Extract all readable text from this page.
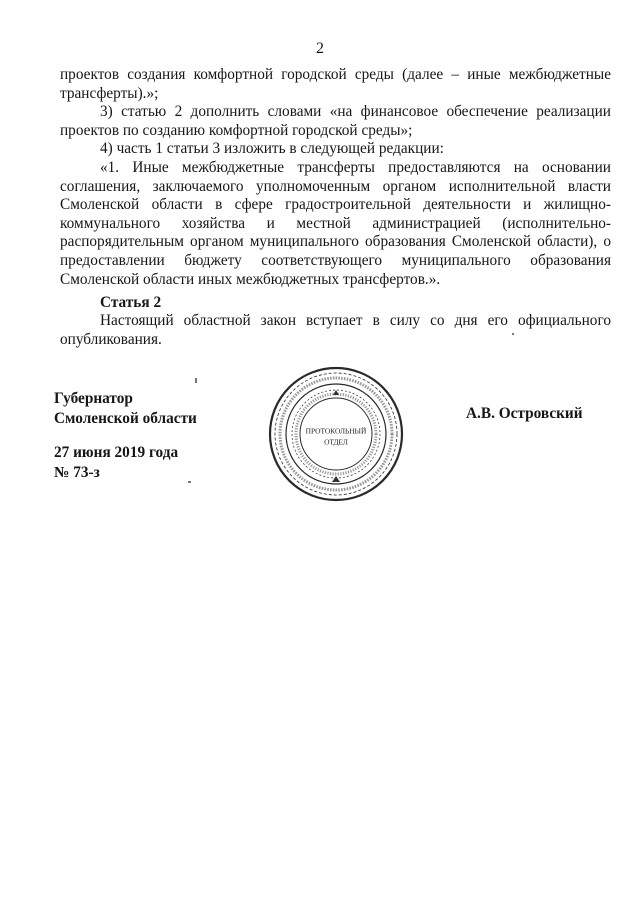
2

проектов создания комфортной городской среды (далее – иные межбюджетные трансферты).»;

3) статью 2 дополнить словами «на финансовое обеспечение реализации проектов по созданию комфортной городской среды»;

4) часть 1 статьи 3 изложить в следующей редакции:

«1. Иные межбюджетные трансферты предоставляются на основании соглашения, заключаемого уполномоченным органом исполнительной власти Смоленской области в сфере градостроительной деятельности и жилищно-коммунального хозяйства и местной администрацией (исполнительно-распорядительным органом муниципального образования Смоленской области), о предоставлении бюджету соответствующего муниципального образования Смоленской области иных межбюджетных трансфертов.».

Статья 2

Настоящий областной закон вступает в силу со дня его официального опубликования.

Губернатор
Смоленской области
27 июня 2019 года
№ 73-з
А.В. Островский
ПРОТОКОЛЬНЫЙ
ОТДЕЛ
